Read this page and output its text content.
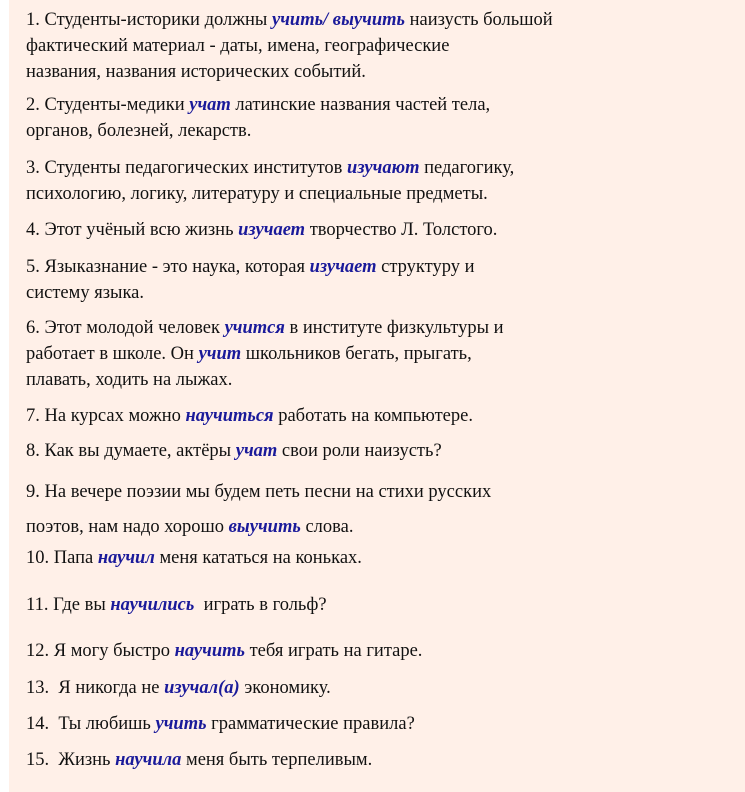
1. Студенты-историки должны учить/ выучить наизусть большой
фактический материал - даты, имена, географические
названия, названия исторических событий.
2. Студенты-медики учат латинские названия частей тела,
органов, болезней, лекарств.
3. Студенты педагогических институтов изучают педагогику,
психологию, логику, литературу и специальные предметы.
4. Этот учёный всю жизнь изучает творчество Л. Толстого.
5. Языкaзнание - это наука, которая изучает структуру и
систему языка.
6. Этот молодой человек учится в институте физкультуры и
работает в школе. Он учит школьников бегать, прыгать,
плавать, ходить на лыжах.
7. На курсах можно научиться работать на компьютере.
8. Как вы думаете, актёры учат свои роли наизусть?
9. На вечере поэзии мы будем петь песни на стихи русских
поэтов, нам надо хорошо выучить слова.
10. Папа научил меня кататься на коньках.
11. Где вы научились  играть в гольф?
12. Я могу быстро научить тебя играть на гитаре.
13.  Я никогда не изучал(а) экономику.
14.  Ты любишь учить грамматические правила?
15.  Жизнь научила меня быть терпеливым.
